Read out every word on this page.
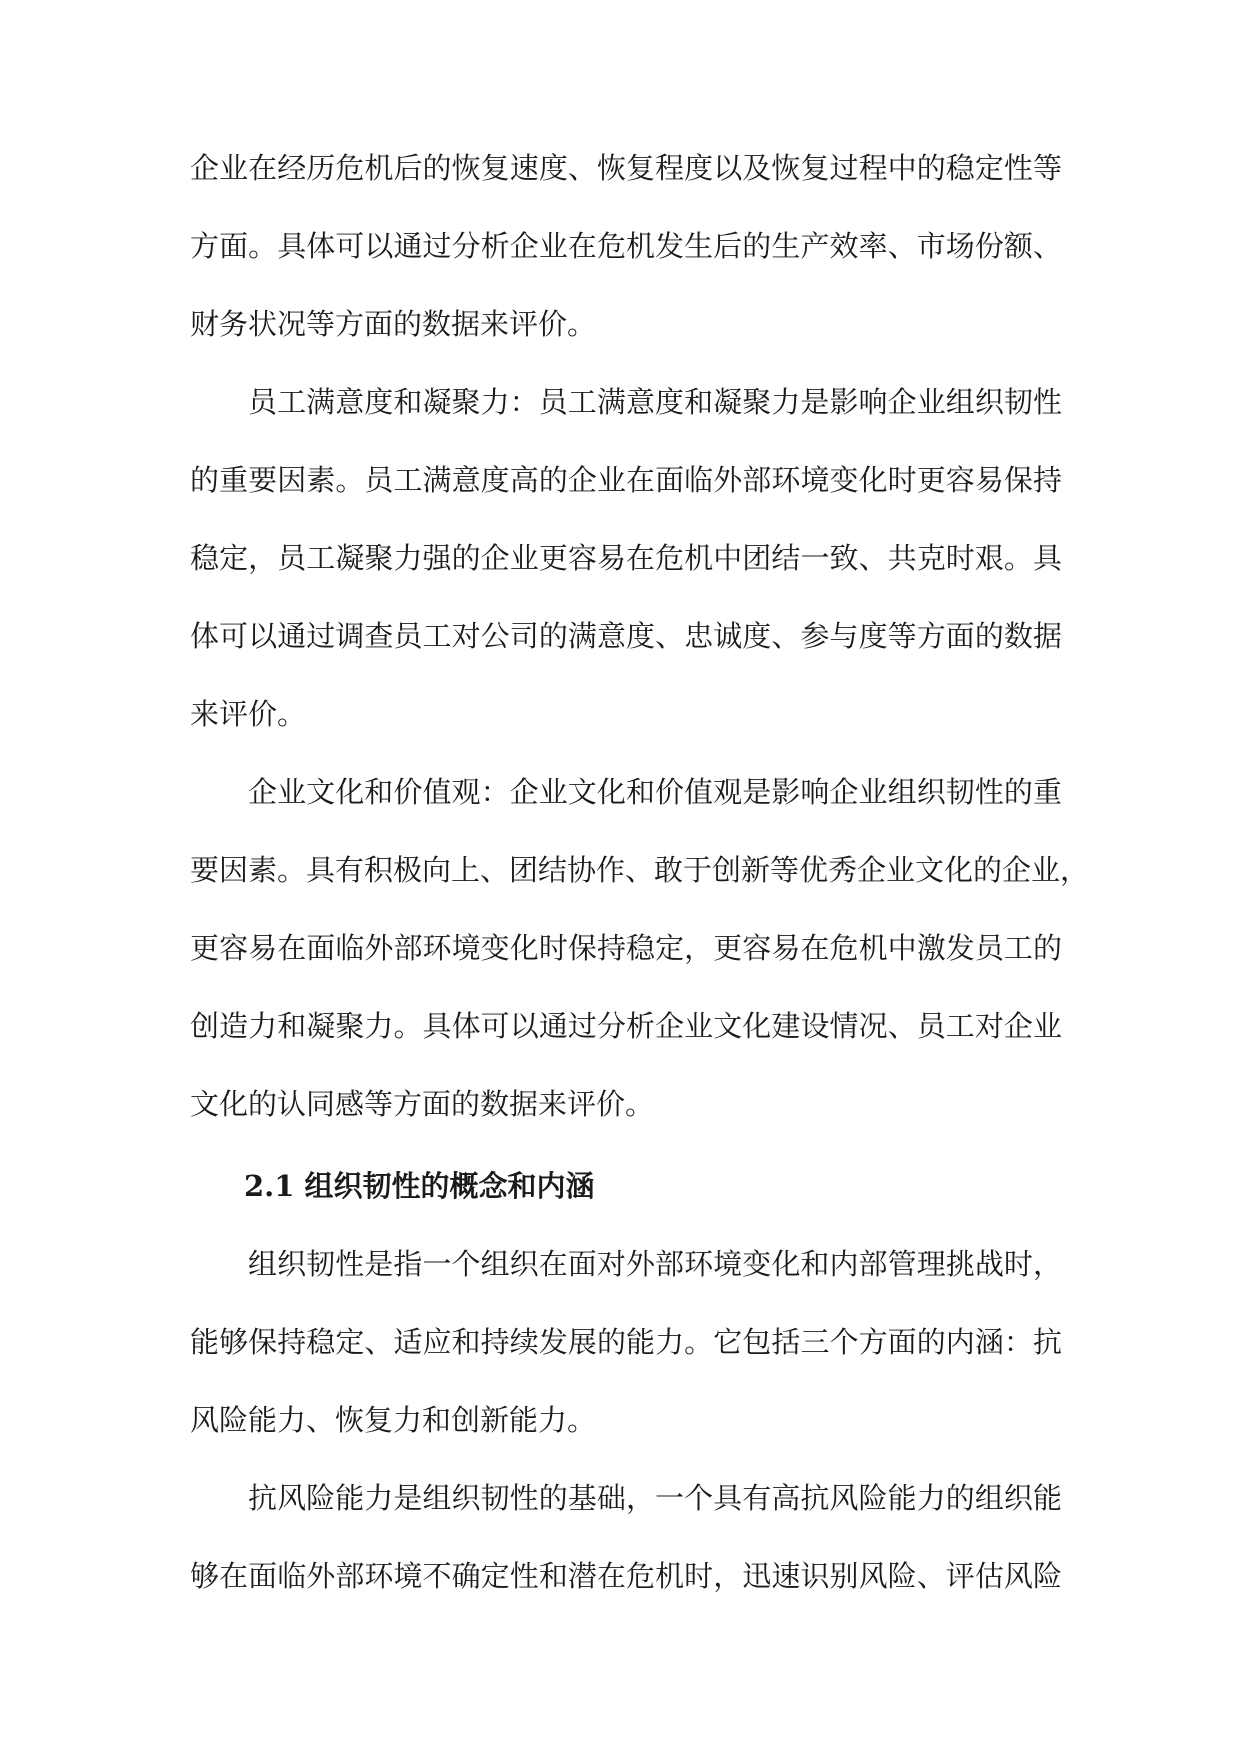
企业在经历危机后的恢复速度、恢复程度以及恢复过程中的稳定性等
方面。具体可以通过分析企业在危机发生后的生产效率、市场份额、
财务状况等方面的数据来评价。
员工满意度和凝聚力：员工满意度和凝聚力是影响企业组织韧性
的重要因素。员工满意度高的企业在面临外部环境变化时更容易保持
稳定，员工凝聚力强的企业更容易在危机中团结一致、共克时艰。具
体可以通过调查员工对公司的满意度、忠诚度、参与度等方面的数据
来评价。
企业文化和价值观：企业文化和价值观是影响企业组织韧性的重
要因素。具有积极向上、团结协作、敢于创新等优秀企业文化的企业，
更容易在面临外部环境变化时保持稳定，更容易在危机中激发员工的
创造力和凝聚力。具体可以通过分析企业文化建设情况、员工对企业
文化的认同感等方面的数据来评价。
2.1 组织韧性的概念和内涵
组织韧性是指一个组织在面对外部环境变化和内部管理挑战时，
能够保持稳定、适应和持续发展的能力。它包括三个方面的内涵：抗
风险能力、恢复力和创新能力。
抗风险能力是组织韧性的基础，一个具有高抗风险能力的组织能
够在面临外部环境不确定性和潜在危机时，迅速识别风险、评估风险
